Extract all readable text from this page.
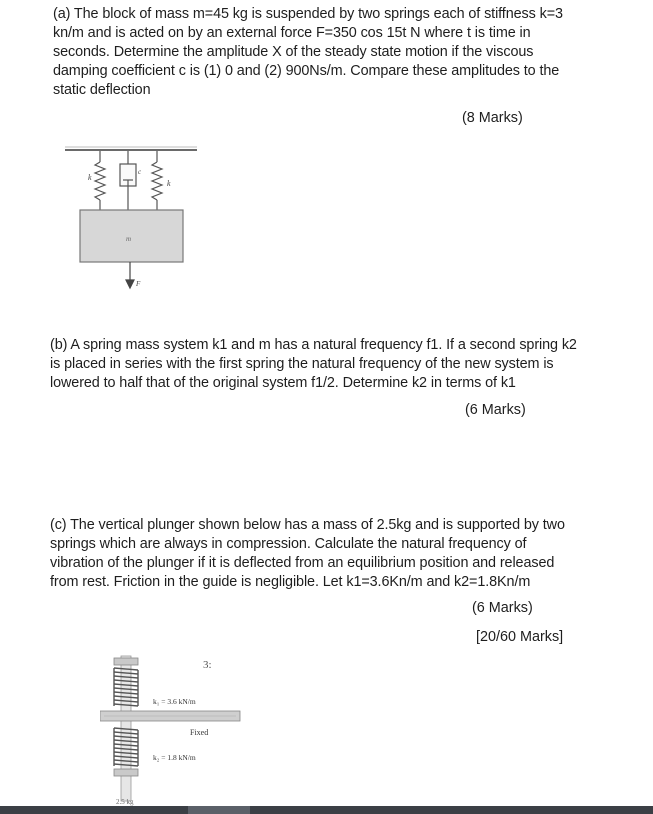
(a) The block of mass m=45 kg is suspended by two springs each of stiffness k=3
kn/m and is acted on by an external force F=350 cos 15t N where t is time in
seconds. Determine the amplitude X of the steady state motion if the viscous
damping coefficient c is (1) 0 and (2) 900Ns/m. Compare these amplitudes to the
static deflection
(8 Marks)
k
k
c
m
F
(b) A spring mass system k1 and m has a natural frequency f1. If a second spring k2
is placed in series with the first spring the natural frequency of the new system is
lowered to half that of the original system f1/2. Determine k2 in terms of k1
(6 Marks)
(c) The vertical plunger shown below has a mass of 2.5kg and is supported by two
springs which are always in compression. Calculate the natural frequency of
vibration of the plunger if it is deflected from an equilibrium position and released
from rest. Friction in the guide is negligible. Let k1=3.6Kn/m and k2=1.8Kn/m
(6 Marks)
[20/60 Marks]
3:
k₁ = 3.6 kN/m
Fixed
k₂ = 1.8 kN/m
2.5 kg
